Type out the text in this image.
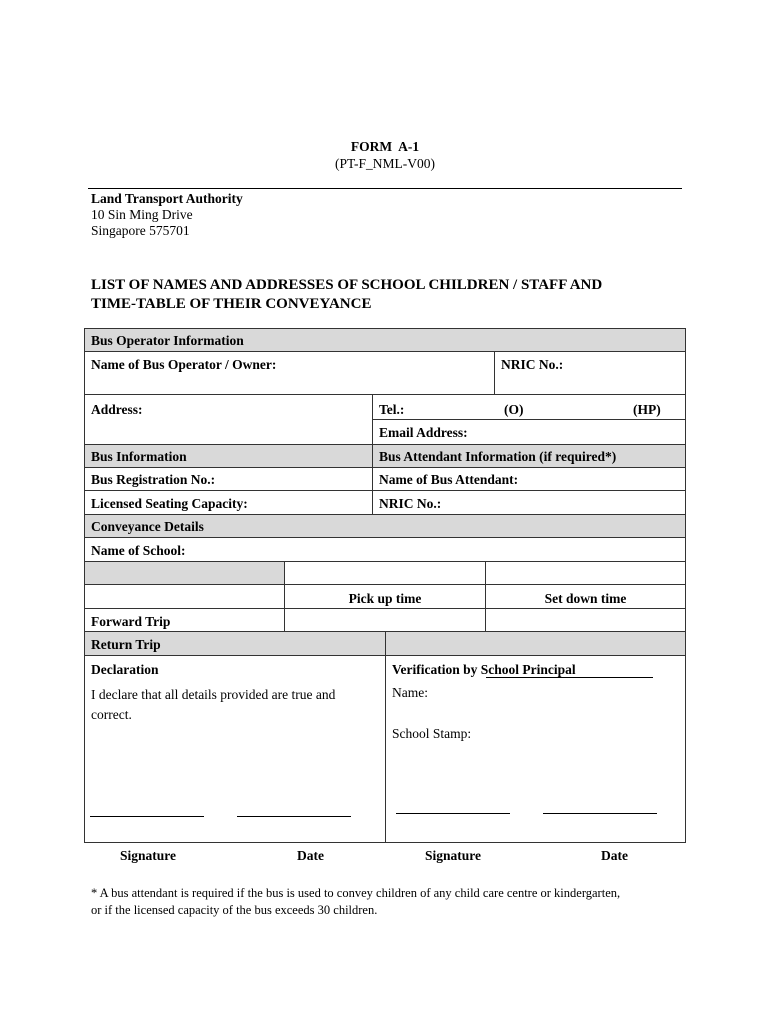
FORM  A-1
(PT-F_NML-V00)
Land Transport Authority
10 Sin Ming Drive
Singapore 575701
LIST OF NAMES AND ADDRESSES OF SCHOOL CHILDREN / STAFF AND
TIME-TABLE OF THEIR CONVEYANCE
Bus Operator Information
Name of Bus Operator / Owner:	NRIC No.:
Address:	Tel.:	(O)	(HP)
Email Address:
Bus Information	Bus Attendant Information (if required*)
Bus Registration No.:	Name of Bus Attendant:
Licensed Seating Capacity:	NRIC No.:
Conveyance Details
Name of School:
Pick up time	Set down time
Forward Trip
Return Trip
Declaration
I declare that all details provided are true and correct.
Verification by School Principal
Name:
School Stamp:
Signature	Date	Signature	Date
* A bus attendant is required if the bus is used to convey children of any child care centre or kindergarten,
or if the licensed capacity of the bus exceeds 30 children.
